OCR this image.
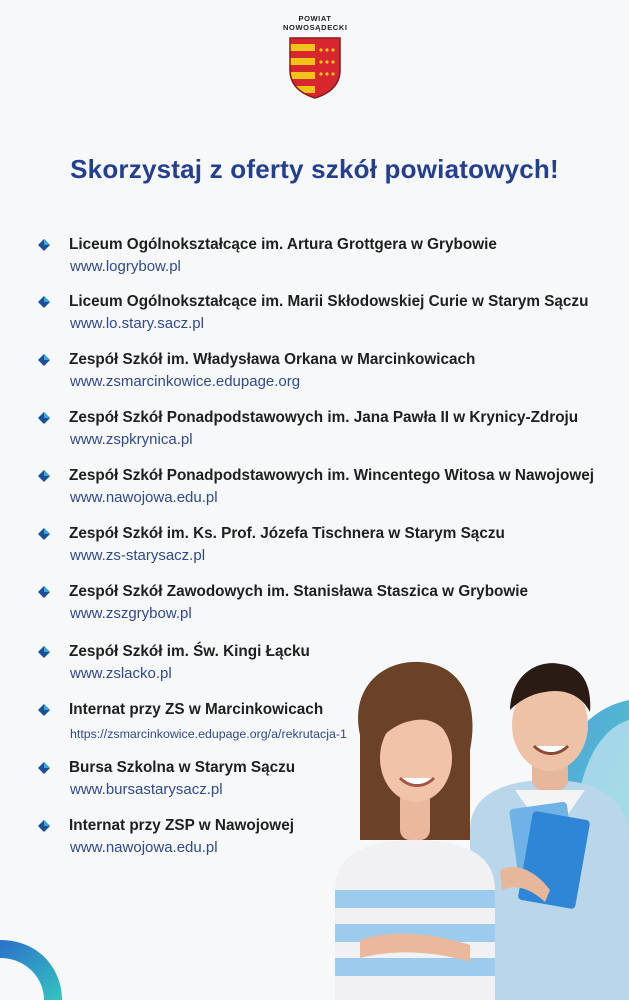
POWIAT
NOWOSĄDECKI
Skorzystaj z oferty szkół powiatowych!
Liceum Ogólnokształcące im. Artura Grottgera w Grybowie
www.logrybow.pl
Liceum Ogólnokształcące im. Marii Skłodowskiej Curie w Starym Sączu
www.lo.stary.sacz.pl
Zespół Szkół im. Władysława Orkana w Marcinkowicach
www.zsmarcinkowice.edupage.org
Zespół Szkół Ponadpodstawowych im. Jana Pawła II w Krynicy-Zdroju
www.zspkrynica.pl
Zespół Szkół Ponadpodstawowych im. Wincentego Witosa w Nawojowej
www.nawojowa.edu.pl
Zespół Szkół im. Ks. Prof. Józefa Tischnera w Starym Sączu
www.zs-starysacz.pl
Zespół Szkół Zawodowych im. Stanisława Staszica w Grybowie
www.zszgrybow.pl
Zespół Szkół im. Św. Kingi Łącku
www.zslacko.pl
Internat przy ZS w Marcinkowicach
https://zsmarcinkowice.edupage.org/a/rekrutacja-1
Bursa Szkolna w Starym Sączu
www.bursastarysacz.pl
Internat przy ZSP w Nawojowej
www.nawojowa.edu.pl
